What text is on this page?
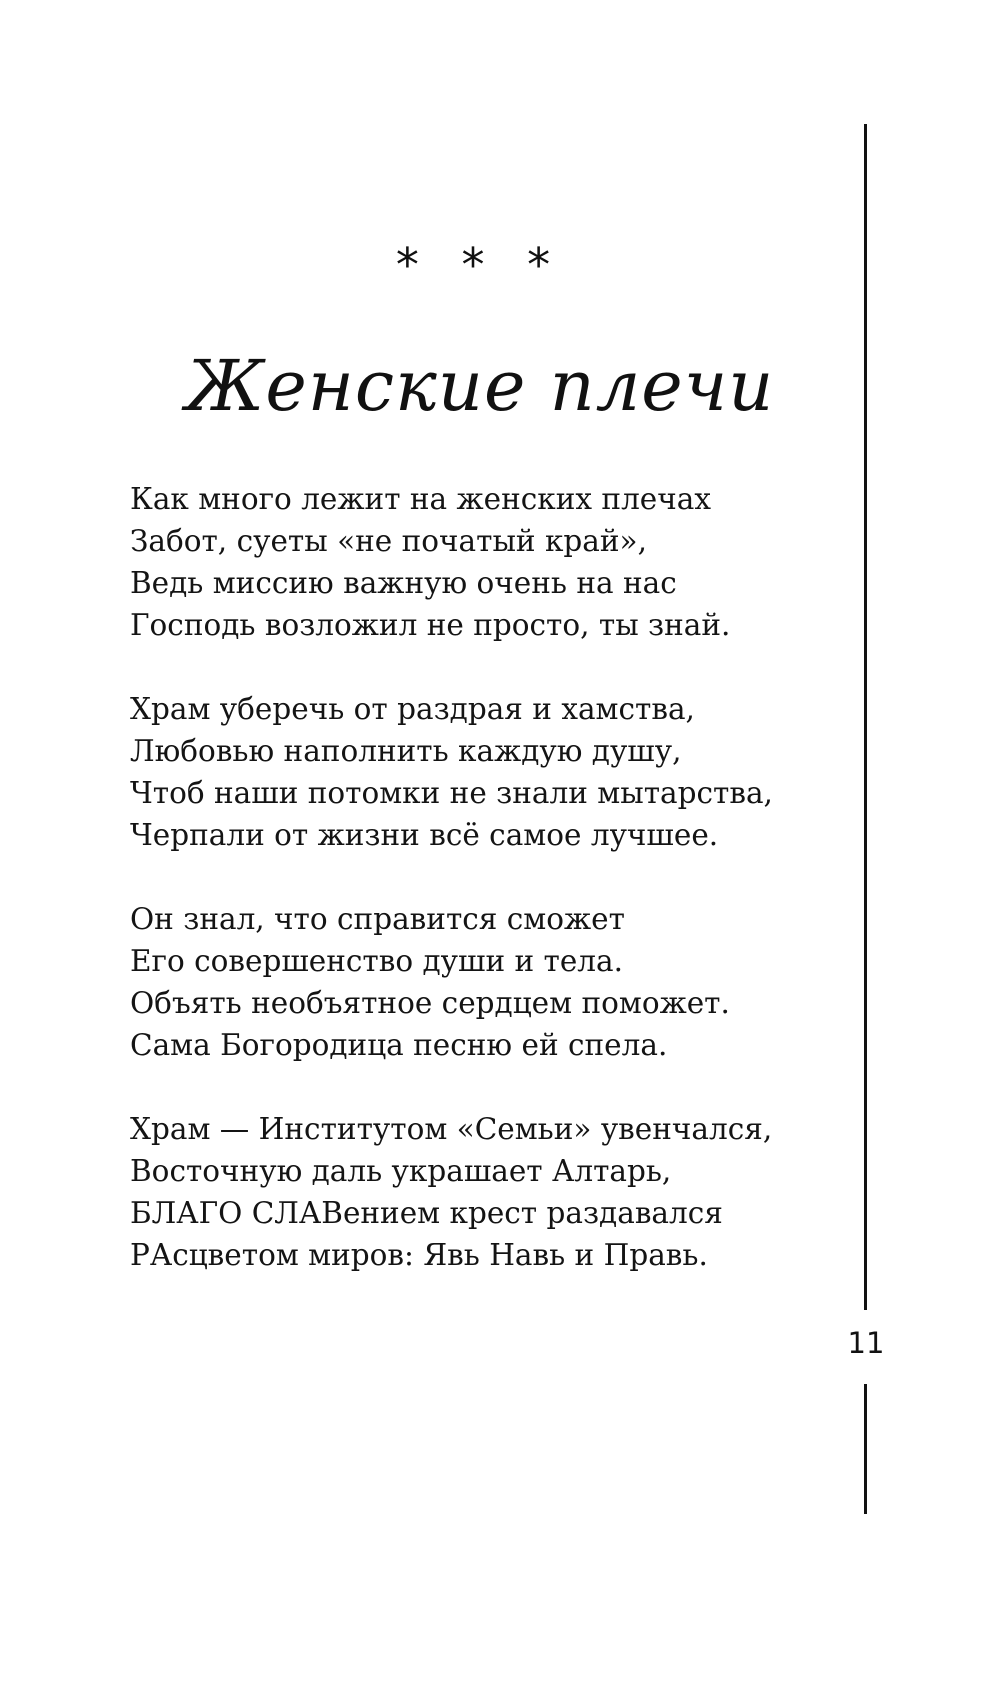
* * *
Женские плечи
Как много лежит на женских плечах
Забот, суеты «не початый край»,
Ведь миссию важную очень на нас
Господь возложил не просто, ты знай.
Храм уберечь от раздрая и хамства,
Любовью наполнить каждую душу,
Чтоб наши потомки не знали мытарства,
Черпали от жизни всё самое лучшее.
Он знал, что справится сможет
Его совершенство души и тела.
Объять необъятное сердцем поможет.
Сама Богородица песню ей спела.
Храм — Институтом «Семьи» увенчался,
Восточную даль украшает Алтарь,
БЛАГО СЛАВением крест раздавался
РАсцветом миров: Явь Навь и Правь.
11
